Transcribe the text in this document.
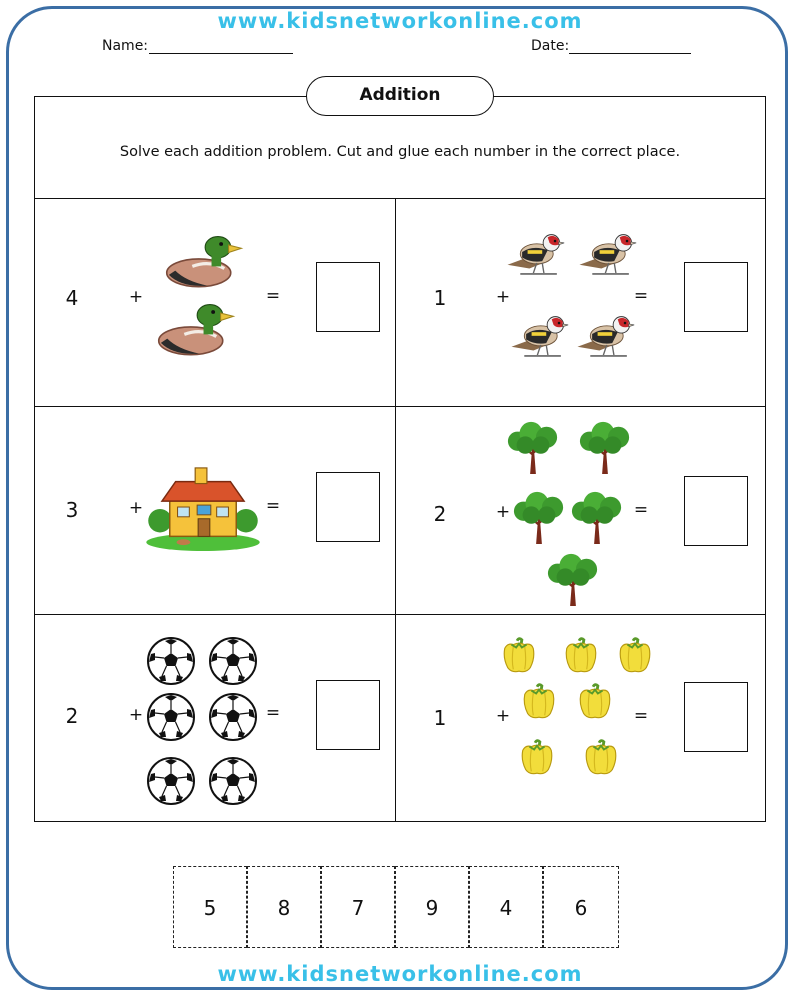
www.kidsnetworkonline.com
Name:	Date:
Addition
Solve each addition problem. Cut and glue each number in the correct place.
4	+	=	1	+	=
3	+	=	2	+	=
2	+	=	1	+	=
5	8	7	9	4	6
www.kidsnetworkonline.com
